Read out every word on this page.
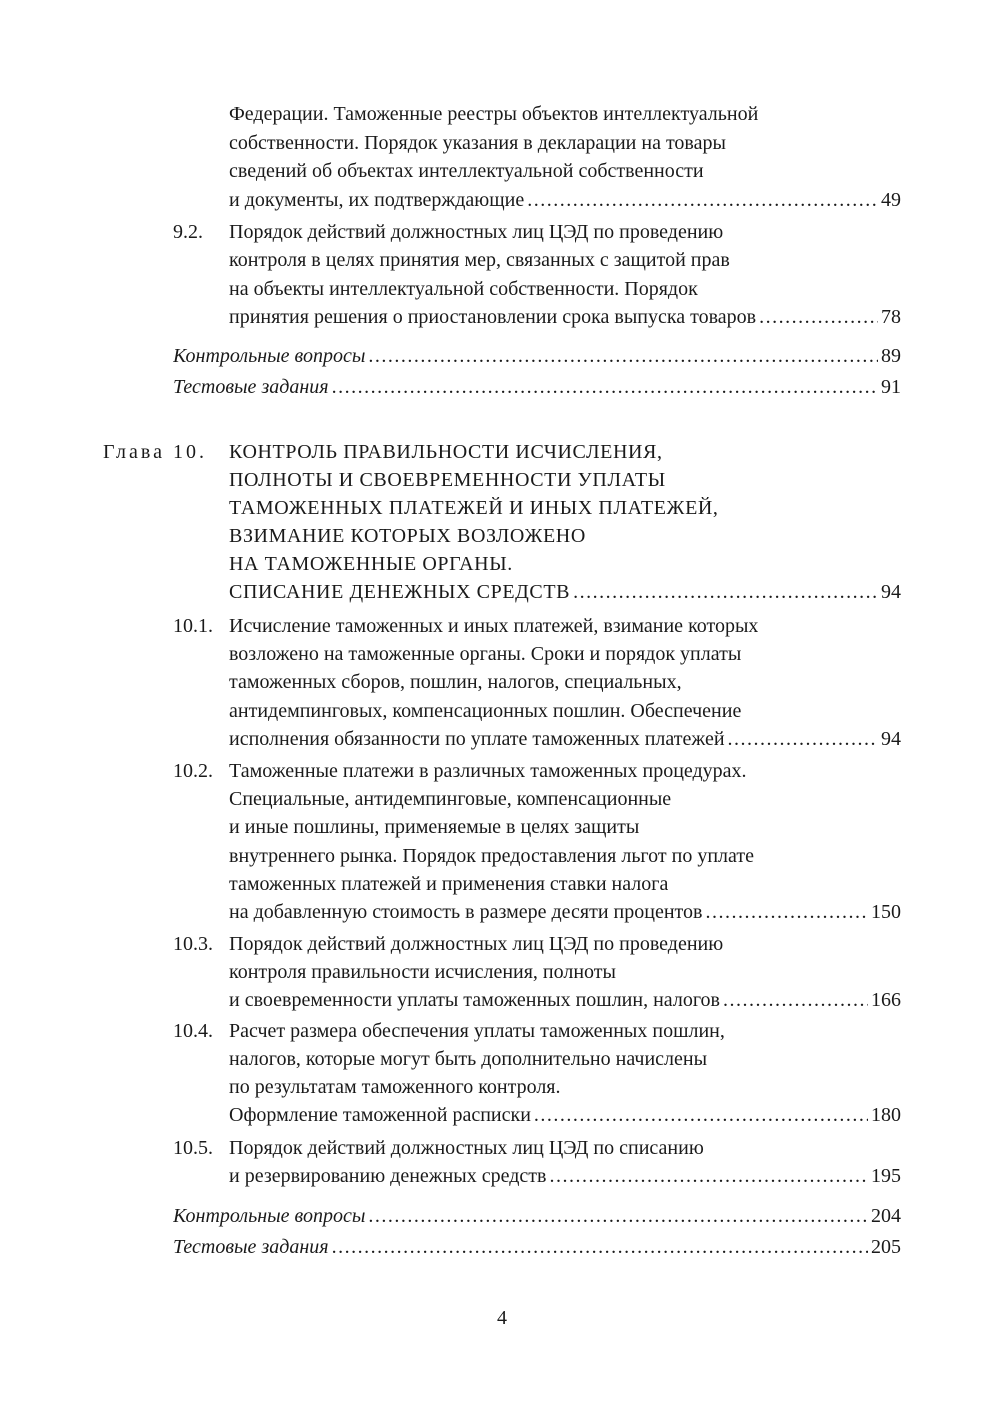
Федерации. Таможенные реестры объектов интеллектуальной
собственности. Порядок указания в декларации на товары
сведений об объектах интеллектуальной собственности
и документы, их подтверждающие .....	49
9.2. Порядок действий должностных лиц ЦЭД по проведению
контроля в целях принятия мер, связанных с защитой прав
на объекты интеллектуальной собственности. Порядок
принятия решения о приостановлении срока выпуска товаров .....	78
Контрольные вопросы .....	89
Тестовые задания .....	91
Глава 10. КОНТРОЛЬ ПРАВИЛЬНОСТИ ИСЧИСЛЕНИЯ,
ПОЛНОТЫ И СВОЕВРЕМЕННОСТИ УПЛАТЫ
ТАМОЖЕННЫХ ПЛАТЕЖЕЙ И ИНЫХ ПЛАТЕЖЕЙ,
ВЗИМАНИЕ КОТОРЫХ ВОЗЛОЖЕНО
НА ТАМОЖЕННЫЕ ОРГАНЫ.
СПИСАНИЕ ДЕНЕЖНЫХ СРЕДСТВ .....	94
10.1. Исчисление таможенных и иных платежей, взимание которых
возложено на таможенные органы. Сроки и порядок уплаты
таможенных сборов, пошлин, налогов, специальных,
антидемпинговых, компенсационных пошлин. Обеспечение
исполнения обязанности по уплате таможенных платежей .....	94
10.2. Таможенные платежи в различных таможенных процедурах.
Специальные, антидемпинговые, компенсационные
и иные пошлины, применяемые в целях защиты
внутреннего рынка. Порядок предоставления льгот по уплате
таможенных платежей и применения ставки налога
на добавленную стоимость в размере десяти процентов .....	150
10.3. Порядок действий должностных лиц ЦЭД по проведению
контроля правильности исчисления, полноты
и своевременности уплаты таможенных пошлин, налогов .....	166
10.4. Расчет размера обеспечения уплаты таможенных пошлин,
налогов, которые могут быть дополнительно начислены
по результатам таможенного контроля.
Оформление таможенной расписки .....	180
10.5. Порядок действий должностных лиц ЦЭД по списанию
и резервированию денежных средств .....	195
Контрольные вопросы .....	204
Тестовые задания .....	205
4
